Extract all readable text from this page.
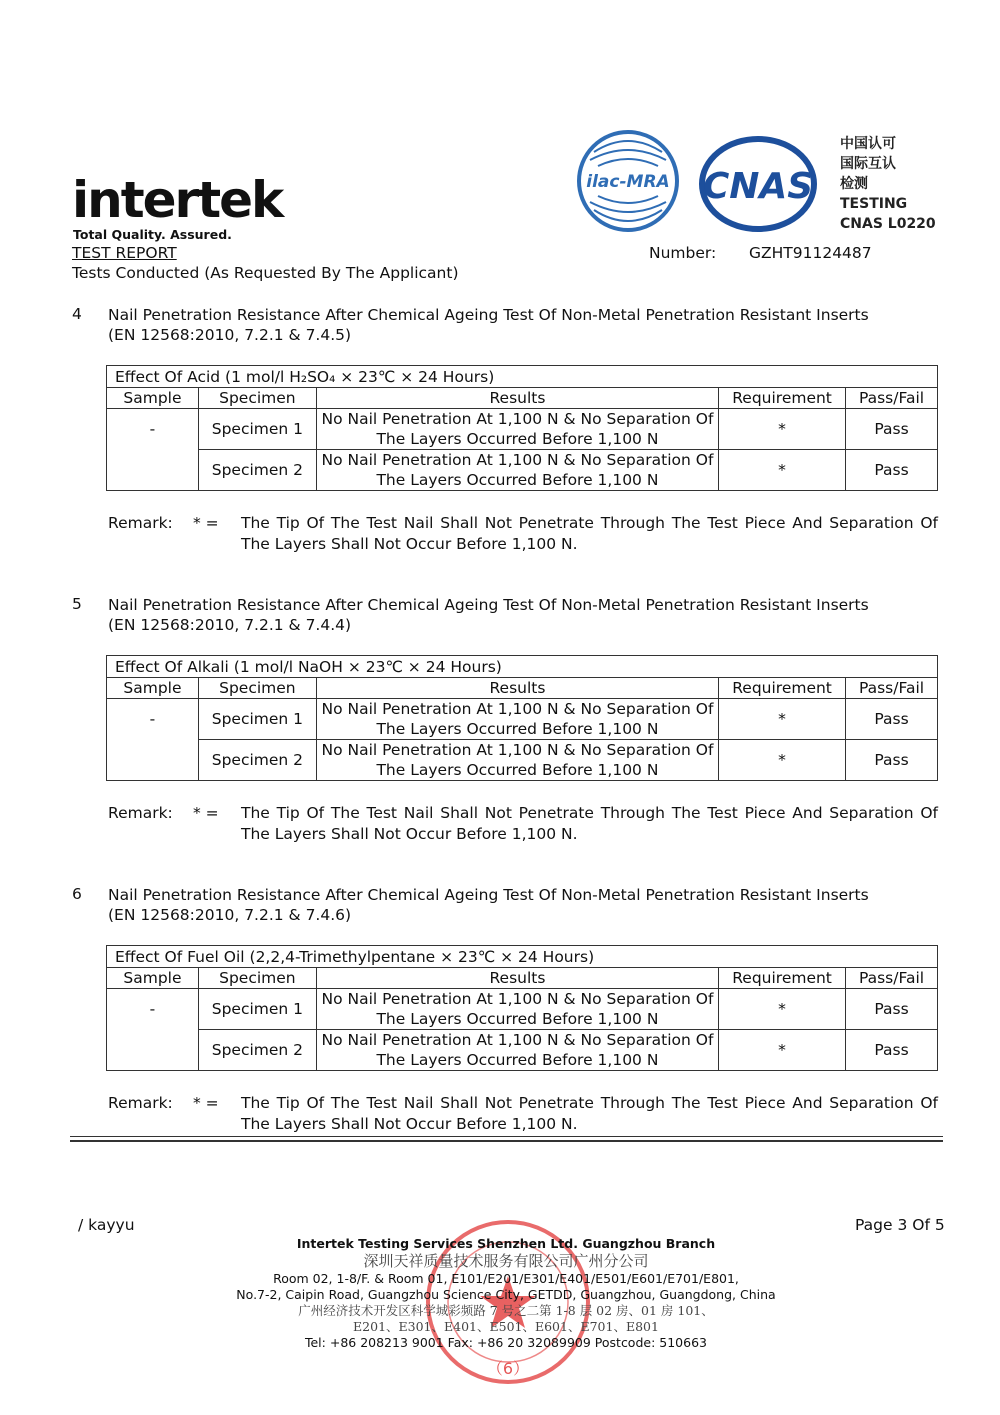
intertek
Total Quality. Assured.
ilac-MRA CNAS
中国认可
国际互认
检测
TESTING
CNAS L0220
TEST REPORT	Number: GZHT91124487
Tests Conducted (As Requested By The Applicant)
4	Nail Penetration Resistance After Chemical Ageing Test Of Non-Metal Penetration Resistant Inserts
(EN 12568:2010, 7.2.1 & 7.4.5)
Effect Of Acid (1 mol/l H₂SO₄ × 23℃ × 24 Hours)				
Sample	Specimen	Results	Requirement	Pass/Fail
-	Specimen 1	No Nail Penetration At 1,100 N & No Separation Of
The Layers Occurred Before 1,100 N	*	Pass
	Specimen 2	No Nail Penetration At 1,100 N & No Separation Of
The Layers Occurred Before 1,100 N	*	Pass
Remark: * = The Tip Of The Test Nail Shall Not Penetrate Through The Test Piece And Separation Of The Layers Shall Not Occur Before 1,100 N.
5	Nail Penetration Resistance After Chemical Ageing Test Of Non-Metal Penetration Resistant Inserts
(EN 12568:2010, 7.2.1 & 7.4.4)
Effect Of Alkali (1 mol/l NaOH × 23℃ × 24 Hours)				
Sample	Specimen	Results	Requirement	Pass/Fail
-	Specimen 1	No Nail Penetration At 1,100 N & No Separation Of
The Layers Occurred Before 1,100 N	*	Pass
	Specimen 2	No Nail Penetration At 1,100 N & No Separation Of
The Layers Occurred Before 1,100 N	*	Pass
Remark: * = The Tip Of The Test Nail Shall Not Penetrate Through The Test Piece And Separation Of The Layers Shall Not Occur Before 1,100 N.
6	Nail Penetration Resistance After Chemical Ageing Test Of Non-Metal Penetration Resistant Inserts
(EN 12568:2010, 7.2.1 & 7.4.6)
Effect Of Fuel Oil (2,2,4-Trimethylpentane × 23℃ × 24 Hours)				
Sample	Specimen	Results	Requirement	Pass/Fail
-	Specimen 1	No Nail Penetration At 1,100 N & No Separation Of
The Layers Occurred Before 1,100 N	*	Pass
	Specimen 2	No Nail Penetration At 1,100 N & No Separation Of
The Layers Occurred Before 1,100 N	*	Pass
Remark: * = The Tip Of The Test Nail Shall Not Penetrate Through The Test Piece And Separation Of The Layers Shall Not Occur Before 1,100 N.
/ kayyu	Page 3 Of 5
（6）
Intertek Testing Services Shenzhen Ltd. Guangzhou Branch
深圳天祥质量技术服务有限公司广州分公司
Room 02, 1-8/F. & Room 01, E101/E201/E301/E401/E501/E601/E701/E801,
No.7-2, Caipin Road, Guangzhou Science City, GETDD, Guangzhou, Guangdong, China
广州经济技术开发区科学城彩频路 7 号之二第 1-8 层 02 房、01 房 101、
E201、E301、E401、E501、E601、E701、E801
Tel: +86 208213 9001 Fax: +86 20 32089909 Postcode: 510663
